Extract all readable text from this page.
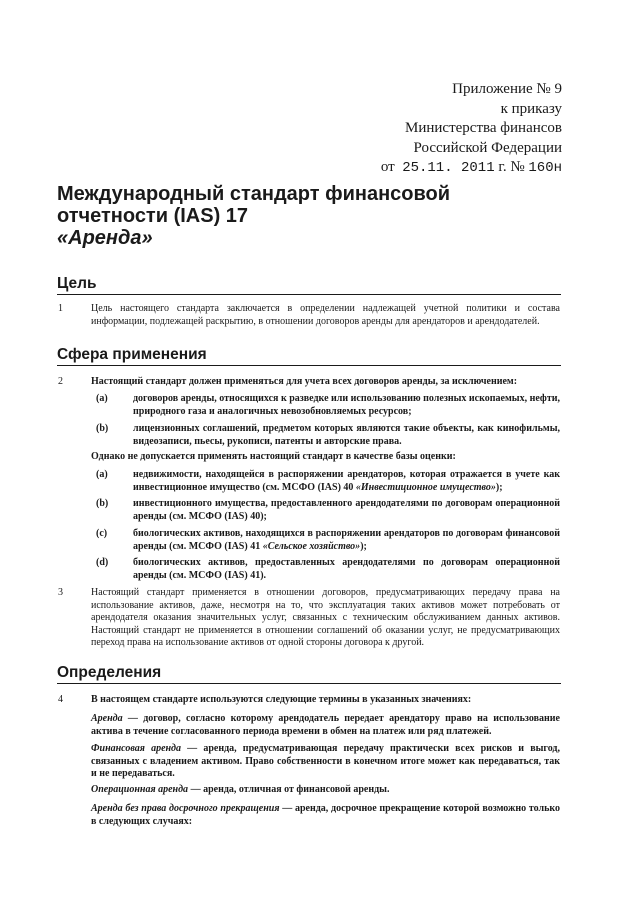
Приложение № 9
к приказу
Министерства финансов
Российской Федерации
от 25.11. 2011 г. № 160н
Международный стандарт финансовой
отчетности (IAS) 17
«Аренда»
Цель
1	Цель настоящего стандарта заключается в определении надлежащей учетной политики и состава информации, подлежащей раскрытию, в отношении договоров аренды для арендаторов и арендодателей.

Сфера применения
2	Настоящий стандарт должен применяться для учета всех договоров аренды, за исключением:

(a)	договоров аренды, относящихся к разведке или использованию полезных ископаемых, нефти, природного газа и аналогичных невозобновляемых ресурсов;

(b) лицензионных соглашений, предметом которых являются такие объекты, как кинофильмы, видеозаписи, пьесы, рукописи, патенты и авторские права.

Однако не допускается применять настоящий стандарт в качестве базы оценки:

(a)	недвижимости, находящейся в распоряжении арендаторов, которая отражается в учете как инвестиционное имущество (см. МСФО (IAS) 40 «Инвестиционное имущество»);

(b) инвестиционного имущества, предоставленного арендодателями по договорам операционной аренды (см. МСФО (IAS) 40);

(c)	биологических активов, находящихся в распоряжении арендаторов по договорам финансовой аренды (см. МСФО (IAS) 41 «Сельское хозяйство»);

(d) биологических активов, предоставленных арендодателями по договорам операционной аренды (см. МСФО (IAS) 41).

3	Настоящий стандарт применяется в отношении договоров, предусматривающих передачу права на использование активов, даже, несмотря на то, что эксплуатация таких активов может потребовать от арендодателя оказания значительных услуг, связанных с техническим обслуживанием данных активов. Настоящий стандарт не применяется в отношении соглашений об оказании услуг, не предусматривающих переход права на использование активов от одной стороны договора к другой.

Определения
4	В настоящем стандарте используются следующие термины в указанных значениях:

Аренда — договор, согласно которому арендодатель передает арендатору право на использование актива в течение согласованного периода времени в обмен на платеж или ряд платежей.

Финансовая аренда — аренда, предусматривающая передачу практически всех рисков и выгод, связанных с владением активом. Право собственности в конечном итоге может как передаваться, так и не передаваться.

Операционная аренда — аренда, отличная от финансовой аренды.

Аренда без права досрочного прекращения — аренда, досрочное прекращение которой возможно только в следующих случаях:
